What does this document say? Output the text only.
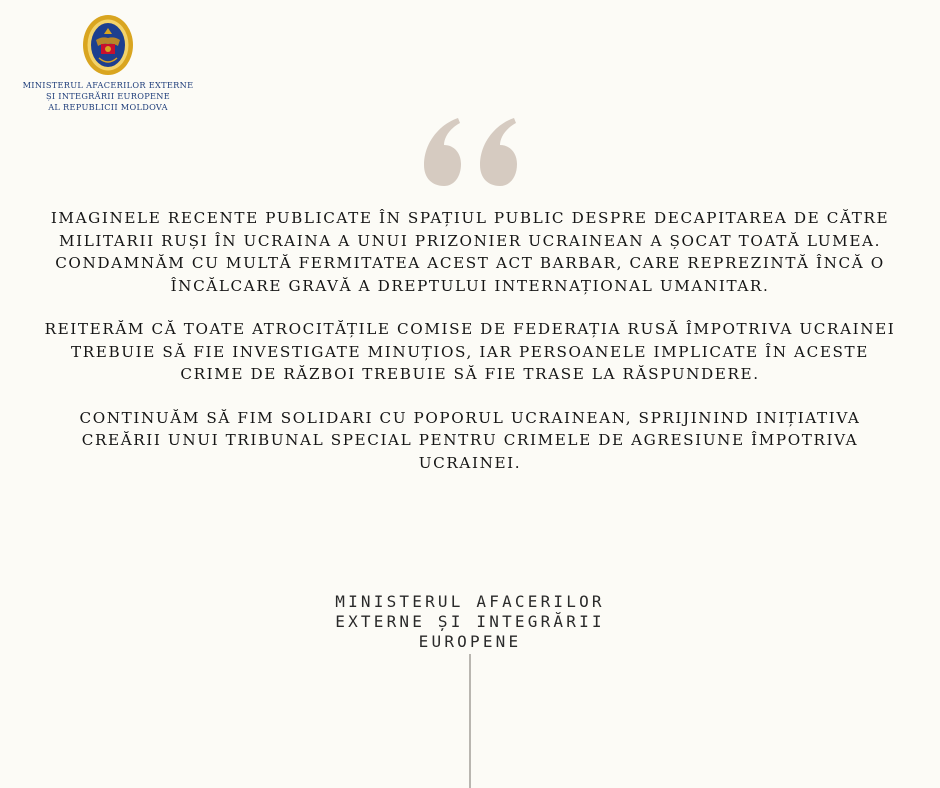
MINISTERUL AFACERILOR EXTERNE
ȘI INTEGRĂRII EUROPENE
AL REPUBLICII MOLDOVA

IMAGINELE RECENTE PUBLICATE ÎN SPAȚIUL PUBLIC DESPRE DECAPITAREA DE CĂTRE MILITARII RUȘI ÎN UCRAINA A UNUI PRIZONIER UCRAINEAN A ȘOCAT TOATĂ LUMEA. CONDAMNĂM CU MULTĂ FERMITATEA ACEST ACT BARBAR, CARE REPREZINTĂ ÎNCĂ O ÎNCĂLCARE GRAVĂ A DREPTULUI INTERNAȚIONAL UMANITAR.

REITERĂM CĂ TOATE ATROCITĂȚILE COMISE DE FEDERAȚIA RUSĂ ÎMPOTRIVA UCRAINEI TREBUIE SĂ FIE INVESTIGATE MINUȚIOS, IAR PERSOANELE IMPLICATE ÎN ACESTE CRIME DE RĂZBOI TREBUIE SĂ FIE TRASE LA RĂSPUNDERE.

CONTINUĂM SĂ FIM SOLIDARI CU POPORUL UCRAINEAN, SPRIJININD INIȚIATIVA CREĂRII UNUI TRIBUNAL SPECIAL PENTRU CRIMELE DE AGRESIUNE ÎMPOTRIVA UCRAINEI.

MINISTERUL AFACERILOR
EXTERNE ȘI INTEGRĂRII
EUROPENE
